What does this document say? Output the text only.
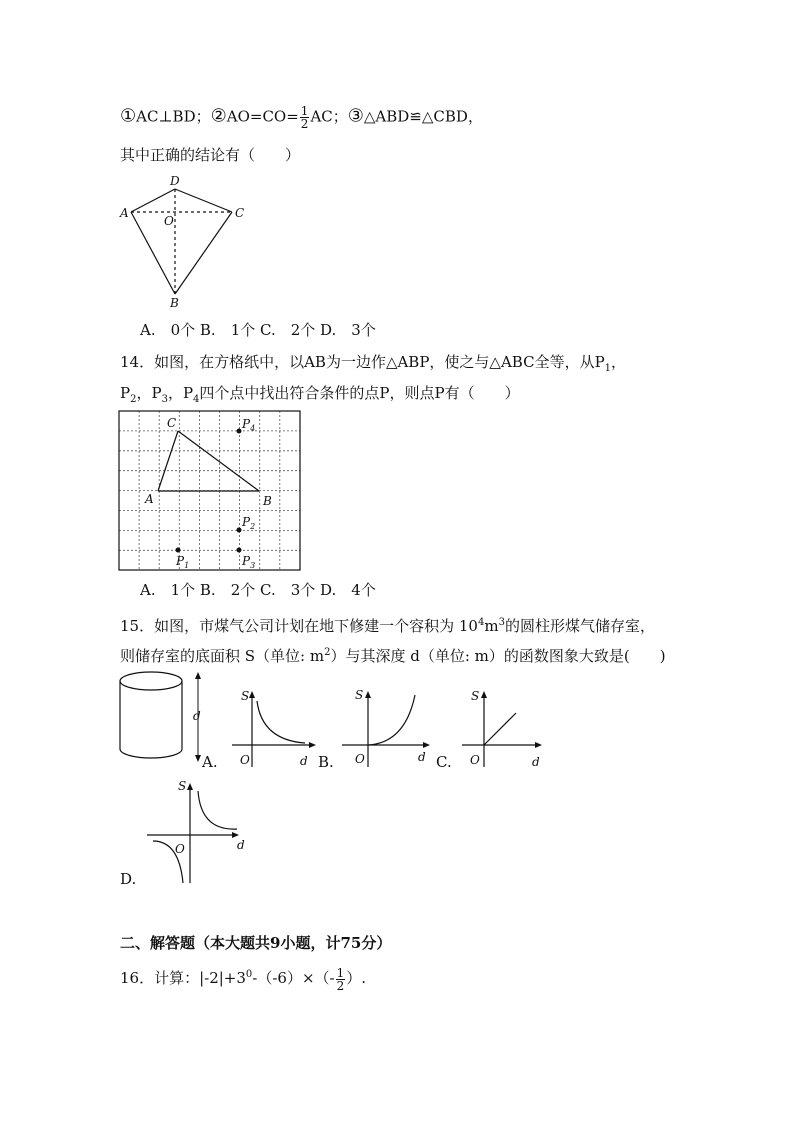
①AC⊥BD；②AO=CO= $\frac{1}{2}$ AC；③△ABD≌△CBD，
其中正确的结论有（　　）
D
A	C
O
B
A.　0个 B.　1个 C.　2个 D.　3个
14．如图，在方格纸中，以AB为一边作△ABP，使之与△ABC全等，从$P_1$，
$P_2$，$P_3$，$P_4$四个点中找出符合条件的点P，则点P有（　　）
C
A	B
$P_4$
$P_2$
$P_3$
$P_1$
A.　1个 B.　2个 C.　3个 D.　4个
15．如图，市煤气公司计划在地下修建一个容积为 $10^4m^3$的圆柱形煤气储存室，
则储存室的底面积 S（单位: $m^2$）与其深度 d（单位: m）的函数图象大致是(　　)
d
A.
S
O	d B.
S
O	d C.
S
O	d
S
O	d
D.
二、解答题（本大题共9小题，计75分）
16．计算：$|-2|+3^0-(-6)\times(- \frac{1}{2}$ ）.
